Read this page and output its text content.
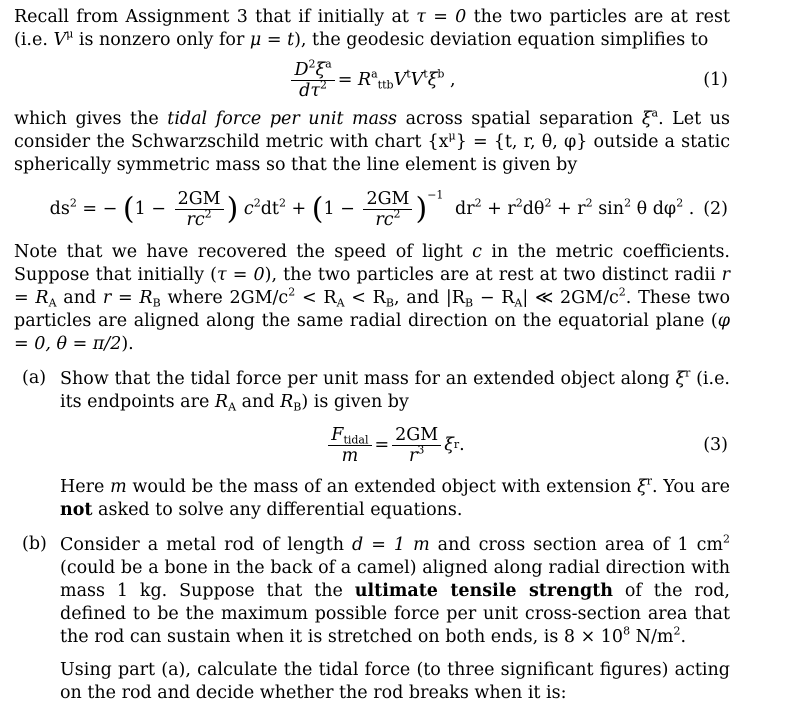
Recall from Assignment 3 that if initially at τ = 0 the two particles are at rest (i.e. $V^\mu$ is nonzero only for μ = t), the geodesic deviation equation simplifies to

$\frac{D^2\xi^a}{d\tau^2} = R^a_{ttb}V^tV^t\xi^b$ ,	(1)

which gives the tidal force per unit mass across spatial separation $\xi^a$. Let us consider the Schwarzschild metric with chart $\{x^\mu\} = \{t$, r, θ, φ} outside a static spherically symmetric mass so that the line element is given by

$ds^2$ = − ($1 - \frac{2GM}{rc^2}$ ) $c^2dt^2 + (1 - \frac{2GM}{rc^2} )^{-1}$ $dr^2 + r^2d\theta^2 + r^2$ $\sin^2 \theta$ $d\varphi^2$ . (2)

Note that we have recovered the speed of light c in the metric coefficients. Suppose that initially (τ = 0), the two particles are at rest at two distinct radii $r = R_A$ and $r = R_B$ where $2GM/c^2 < R_A < R_B$, and $|R_B - R_A|$ ≪ $2GM/c^2$. These two particles are aligned along the same radial direction on the equatorial plane (φ = 0, θ = π/2).

(a) Show that the tidal force per unit mass for an extended object along $\xi^r$ (i.e. its endpoints are $R_A$ and $R_B$) is given by

$\frac{F_{tidal}}{m} = \frac{2GM}{r^3}$ ξ r .	(3)

Here m would be the mass of an extended object with extension $\xi^r$. You are not asked to solve any differential equations.

(b) Consider a metal rod of length d = 1 m and cross section area of 1 $cm^2$ (could be a bone in the back of a camel) aligned along radial direction with mass 1 kg. Suppose that the ultimate tensile strength of the rod, defined to be the maximum possible force per unit cross-section area that the rod can sustain when it is stretched on both ends, is $8 \times 10^8$ $N/m^2$.

Using part (a), calculate the tidal force (to three significant figures) acting on the rod and decide whether the rod breaks when it is:
